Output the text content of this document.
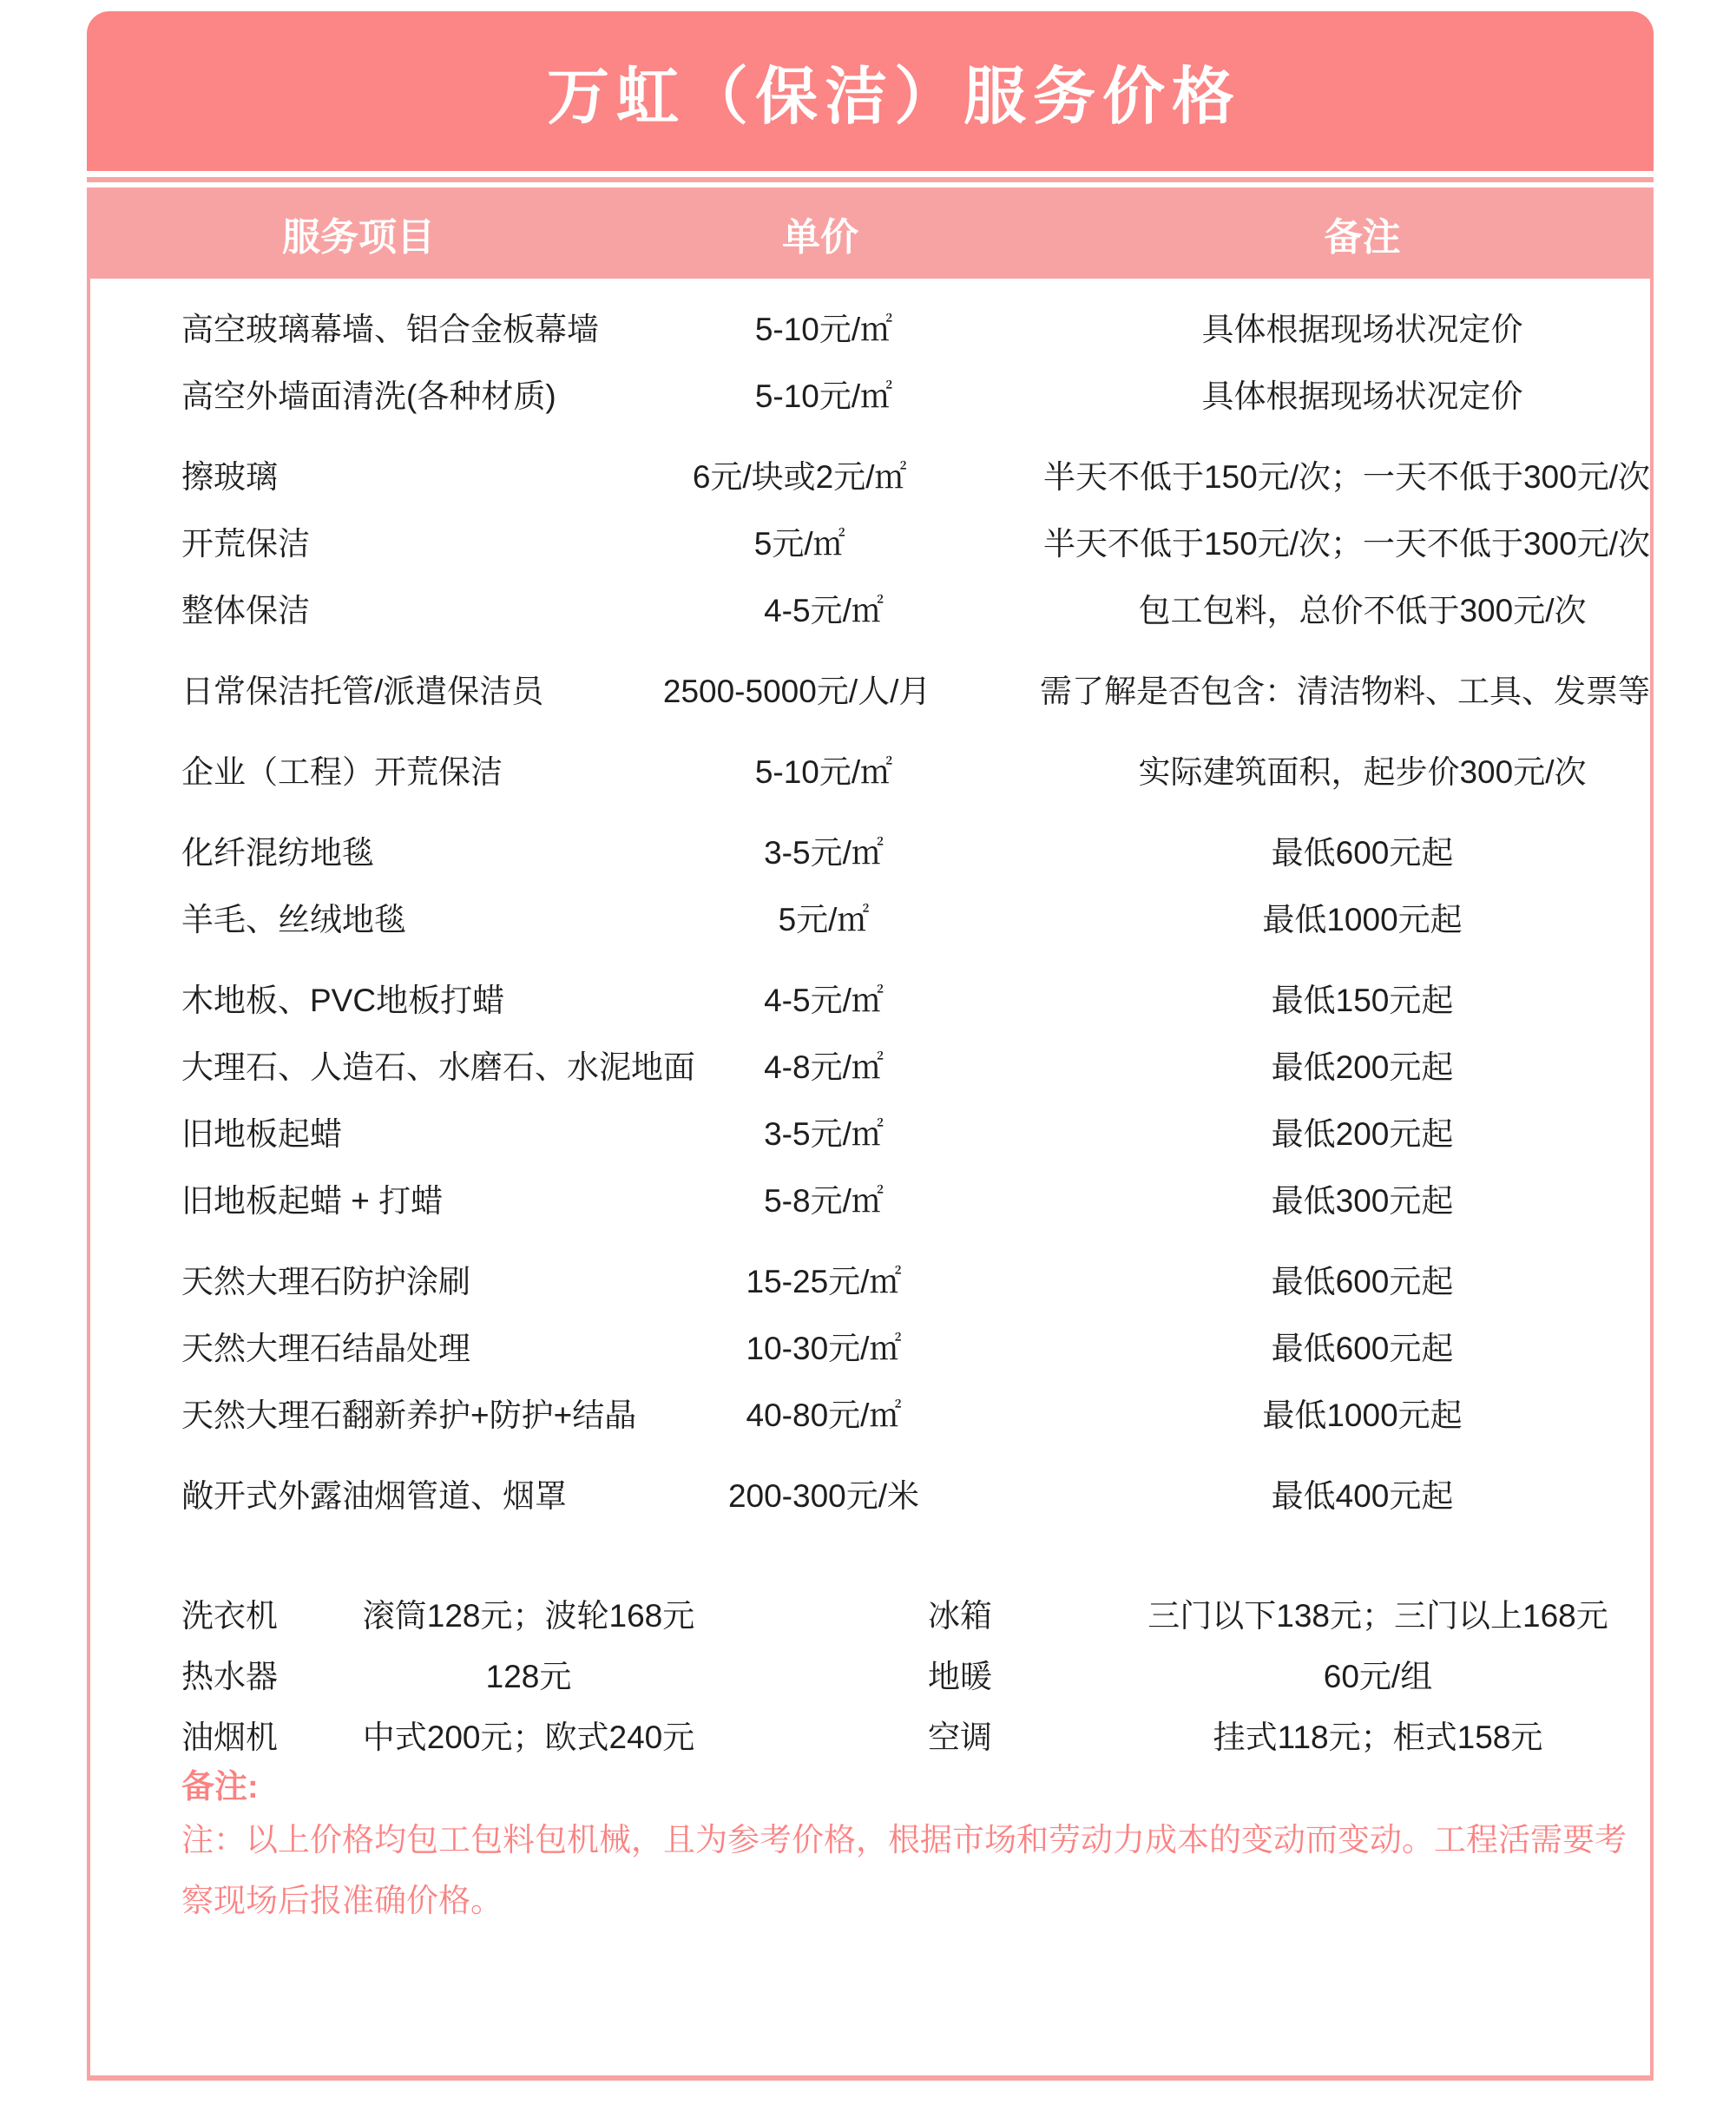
万虹（保洁）服务价格
服务项目	单价	备注
高空玻璃幕墙、铝合金板幕墙	5-10元/㎡	具体根据现场状况定价
高空外墙面清洗(各种材质)	5-10元/㎡	具体根据现场状况定价
擦玻璃	6元/块或2元/㎡	半天不低于150元/次；一天不低于300元/次
开荒保洁	5元/㎡	半天不低于150元/次；一天不低于300元/次
整体保洁	4-5元/㎡	包工包料，总价不低于300元/次
日常保洁托管/派遣保洁员	2500-5000元/人/月	需了解是否包含：清洁物料、工具、发票等
企业（工程）开荒保洁	5-10元/㎡	实际建筑面积，起步价300元/次
化纤混纺地毯	3-5元/㎡	最低600元起
羊毛、丝绒地毯	5元/㎡	最低1000元起
木地板、PVC地板打蜡	4-5元/㎡	最低150元起
大理石、人造石、水磨石、水泥地面	4-8元/㎡	最低200元起
旧地板起蜡	3-5元/㎡	最低200元起
旧地板起蜡 + 打蜡	5-8元/㎡	最低300元起
天然大理石防护涂刷	15-25元/㎡	最低600元起
天然大理石结晶处理	10-30元/㎡	最低600元起
天然大理石翻新养护+防护+结晶	40-80元/㎡	最低1000元起
敞开式外露油烟管道、烟罩	200-300元/米	最低400元起
洗衣机	滚筒128元；波轮168元	冰箱	三门以下138元；三门以上168元
热水器	128元	地暖	60元/组
油烟机	中式200元；欧式240元	空调	挂式118元；柜式158元
备注:
注：以上价格均包工包料包机械，且为参考价格，根据市场和劳动力成本的变动而变动。工程活需要考察现场后报准确价格。
